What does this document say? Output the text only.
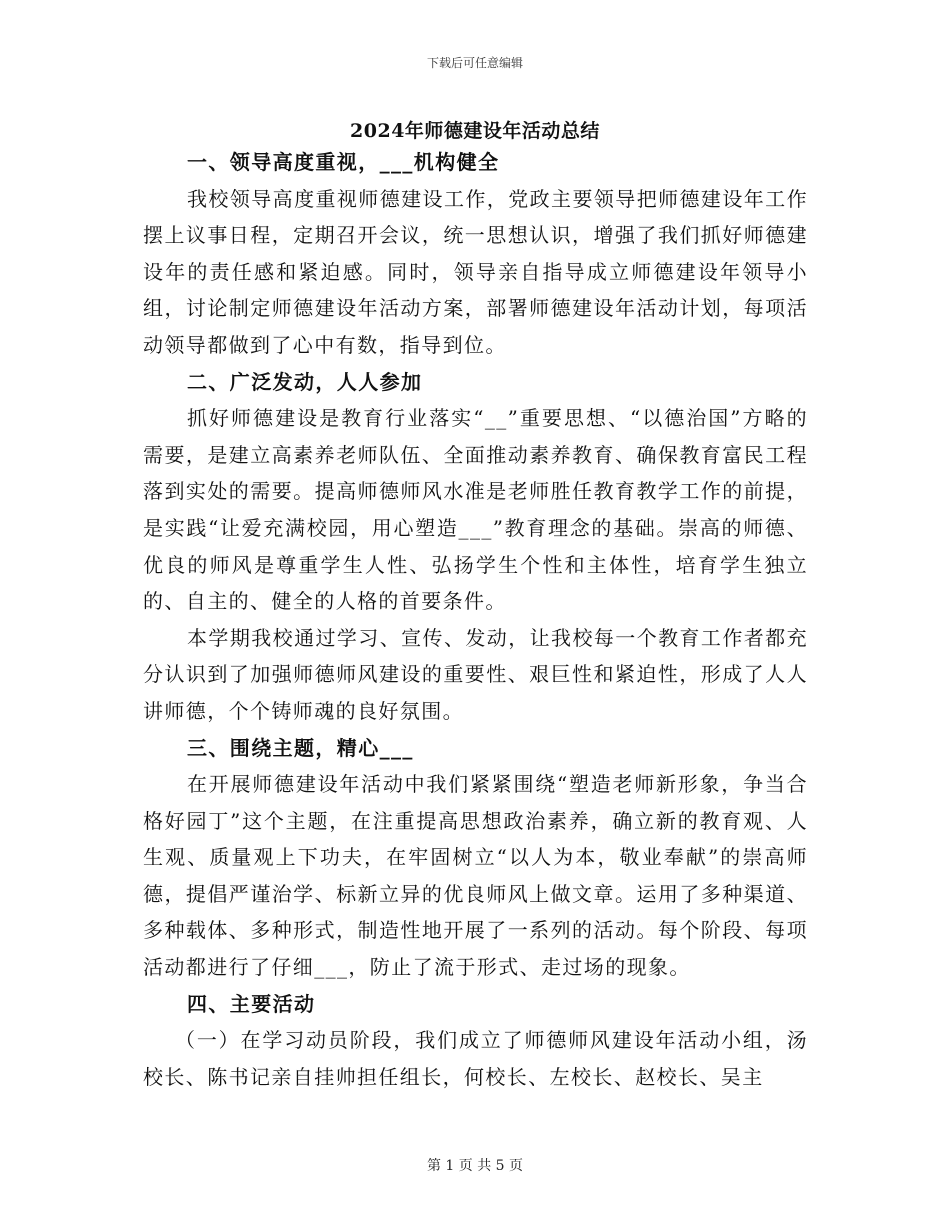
下载后可任意编辑
2024年师德建设年活动总结

一、领导高度重视，___机构健全

我校领导高度重视师德建设工作，党政主要领导把师德建设年工作摆上议事日程，定期召开会议，统一思想认识，增强了我们抓好师德建设年的责任感和紧迫感。同时，领导亲自指导成立师德建设年领导小组，讨论制定师德建设年活动方案，部署师德建设年活动计划，每项活动领导都做到了心中有数，指导到位。

二、广泛发动，人人参加

抓好师德建设是教育行业落实“__”重要思想、“以德治国”方略的需要，是建立高素养老师队伍、全面推动素养教育、确保教育富民工程落到实处的需要。提高师德师风水准是老师胜任教育教学工作的前提，是实践“让爱充满校园，用心塑造___”教育理念的基础。崇高的师德、优良的师风是尊重学生人性、弘扬学生个性和主体性，培育学生独立的、自主的、健全的人格的首要条件。

本学期我校通过学习、宣传、发动，让我校每一个教育工作者都充分认识到了加强师德师风建设的重要性、艰巨性和紧迫性，形成了人人讲师德，个个铸师魂的良好氛围。

三、围绕主题，精心___

在开展师德建设年活动中我们紧紧围绕“塑造老师新形象，争当合格好园丁”这个主题，在注重提高思想政治素养，确立新的教育观、人生观、质量观上下功夫，在牢固树立“以人为本，敬业奉献”的崇高师德，提倡严谨治学、标新立异的优良师风上做文章。运用了多种渠道、多种载体、多种形式，制造性地开展了一系列的活动。每个阶段、每项活动都进行了仔细___，防止了流于形式、走过场的现象。

四、主要活动

（一）在学习动员阶段，我们成立了师德师风建设年活动小组，汤校长、陈书记亲自挂帅担任组长，何校长、左校长、赵校长、吴主

第 1 页 共 5 页
